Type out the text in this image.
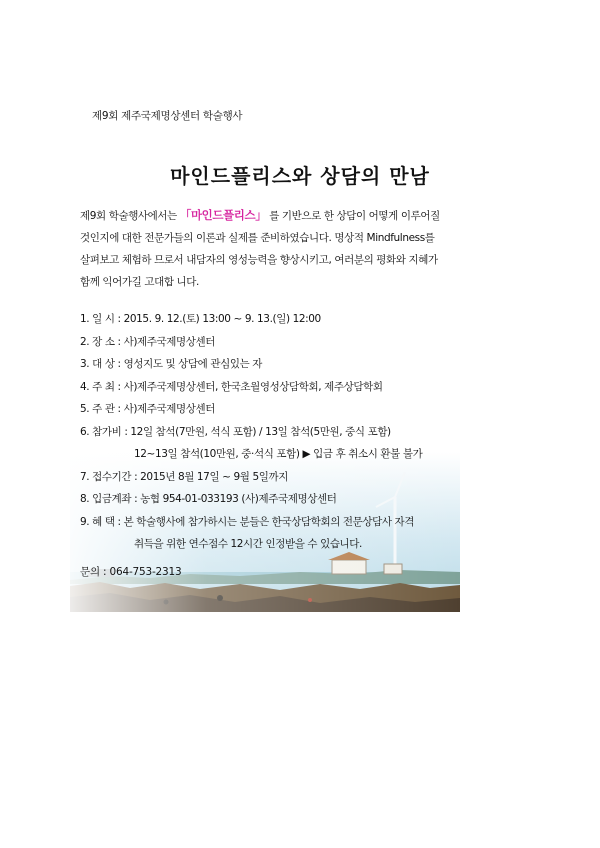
제9회 제주국제명상센터 학술행사
마인드플리스와 상담의 만남
제9회 학술행사에서는 「마인드플리스」 를 기반으로 한 상담이 어떻게 이루어질
것인지에 대한 전문가들의 이론과 실제를 준비하였습니다. 명상적 Mindfulness를
살펴보고 체험하 므로서 내담자의 영성능력을 향상시키고, 여러분의 평화와 지혜가
함께 익어가길 고대합 니다.
1. 일 시 : 2015. 9. 12.(토) 13:00 ~ 9. 13.(일) 12:00
2. 장 소 : 사)제주국제명상센터
3. 대 상 : 영성지도 및 상담에 관심있는 자
4. 주 최 : 사)제주국제명상센터, 한국초월영성상담학회, 제주상담학회
5. 주 관 : 사)제주국제명상센터
6. 참가비 : 12일 참석(7만원, 석식 포함) / 13일 참석(5만원, 중식 포함)
12~13일 참석(10만원, 중·석식 포함) ▶ 입금 후 취소시 환불 불가
7. 접수기간 : 2015년 8월 17일 ~ 9월 5일까지
8. 입금계좌 : 농협 954-01-033193 (사)제주국제명상센터
9. 혜 택 : 본 학술행사에 참가하시는 분들은 한국상담학회의 전문상담사 자격
취득을 위한 연수점수 12시간 인정받을 수 있습니다.
문의 : 064-753-2313
